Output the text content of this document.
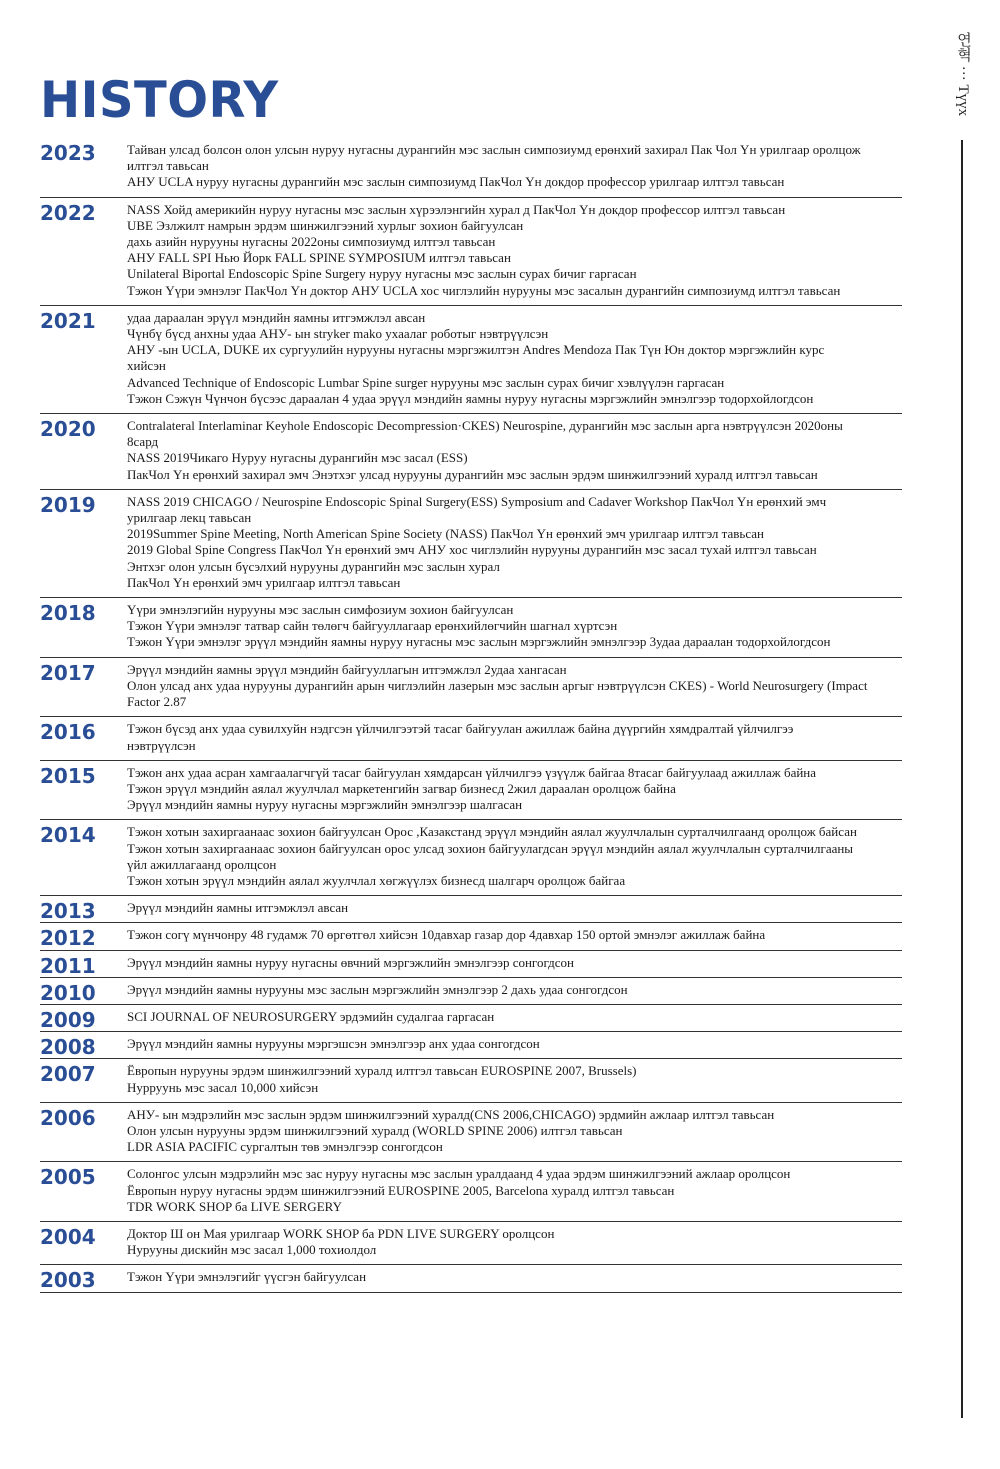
HISTORY	연혁 ··· Түүх
2023 Тайван улсад болсон олон улсын нуруу нугасны дурангийн мэс заслын симпозиумд ерөнхий захирал Пак Чол Үн урилгаар оролцож
илтгэл тавьсан
АНУ UCLA нуруу нугасны дурангийн мэс заслын симпозиумд ПакЧол Үн докдор профессор урилгаар илтгэл тавьсан
2022 NASS Хойд америкийн нуруу нугасны мэс заслын хүрээлэнгийн хурал д ПакЧол Үн докдор профессор илтгэл тавьсан
UBE Эзлжилт намрын эрдэм шинжилгээний хурлыг зохион байгуулсан
дахь азийн нурууны нугасны 2022оны симпозиумд илтгэл тавьсан
АНУ FALL SPI Нью Йорк FALL SPINE SYMPOSIUM илтгэл тавьсан
Unilateral Biportal Endoscopic Spine Surgery нуруу нугасны мэс заслын сурах бичиг гаргасан
Тэжон Үүри эмнэлэг ПакЧол Үн доктор АНУ UCLA хос чиглэлийн нурууны мэс засалын дурангийн симпозиумд илтгэл тавьсан
2021 удаа дараалан эрүүл мэндийн яамны итгэмжлэл авсан
Чүнбү бүсд анхны удаа АНУ- ын stryker mako ухаалаг роботыг нэвтрүүлсэн
АНУ -ын UCLA, DUKE их сургуулийн нурууны нугасны мэргэжилтэн Andres Mendoza Пак Түн Юн доктор мэргэжлийн курс
хийсэн
Advanced Technique of Endoscopic Lumbar Spine surger нурууны мэс заслын сурах бичиг хэвлүүлэн гаргасан
Тэжон Сэжүн Чүнчон бүсээс дараалан 4 удаа эрүүл мэндийн яамны нуруу нугасны мэргэжлийн эмнэлгээр тодорхойлогдсон
2020 Contralateral Interlaminar Keyhole Endoscopic Decompression·CKES) Neurospine, дурангийн мэс заслын арга нэвтрүүлсэн 2020оны
8сард
NASS 2019Чикаго Нуруу нугасны дурангийн мэс засал (ESS)
ПакЧол Үн ерөнхий захирал эмч Энэтхэг улсад нурууны дурангийн мэс заслын эрдэм шинжилгээний хуралд илтгэл тавьсан
2019 NASS 2019 CHICAGO / Neurospine Endoscopic Spinal Surgery(ESS) Symposium and Cadaver Workshop ПакЧол Үн ерөнхий эмч
урилгаар лекц тавьсан
2019Summer Spine Meeting, North American Spine Society (NASS) ПакЧол Үн ерөнхий эмч урилгаар илтгэл тавьсан
2019 Global Spine Congress ПакЧол Үн ерөнхий эмч АНУ хос чиглэлийн нурууны дурангийн мэс засал тухай илтгэл тавьсан
Энтхэг олон улсын бүсэлхий нурууны дурангийн мэс заслын хурал
ПакЧол Үн ерөнхий эмч урилгаар илтгэл тавьсан
2018 Үүри эмнэлэгийн нурууны мэс заслын симфозиум зохион байгуулсан
Тэжон Үүри эмнэлэг татвар сайн төлөгч байгууллагаар ерөнхийлөгчийн шагнал хүртсэн
Тэжон Үүри эмнэлэг эрүүл мэндийн яамны нуруу нугасны мэс заслын мэргэжлийн эмнэлгээр 3удаа дараалан тодорхойлогдсон
2017 Эрүүл мэндийн яамны эрүүл мэндийн байгууллагын итгэмжлэл 2удаа хангасан
Олон улсад анх удаа нурууны дурангийн арын чиглэлийн лазерын мэс заслын аргыг нэвтрүүлсэн CKES) - World Neurosurgery (Impact
Factor 2.87
2016 Тэжон бүсэд анх удаа сувилхуйн нэдгсэн үйлчилгээтэй тасаг байгуулан ажиллаж байна дүүргийн хямдралтай үйлчилгээ
нэвтрүүлсэн
2015 Тэжон анх удаа асран хамгаалагчгүй тасаг байгуулан хямдарсан үйлчилгээ үзүүлж байгаа 8тасаг байгуулаад ажиллаж байна
Тэжон эрүүл мэндийн аялал жуулчлал маркетенгийн загвар бизнесд 2жил дараалан оролцож байна
Эрүүл мэндийн яамны нуруу нугасны мэргэжлийн эмнэлгээр шалгасан
2014 Тэжон хотын захиргаанаас зохион байгуулсан Орос ,Казакстанд эрүүл мэндийн аялал жуулчлалын сурталчилгаанд оролцож байсан
Тэжон хотын захиргаанаас зохион байгуулсан орос улсад зохион байгуулагдсан эрүүл мэндийн аялал жуулчлалын сурталчилгааны
үйл ажиллагаанд оролцсон
Тэжон хотын эрүүл мэндийн аялал жуулчлал хөгжүүлэх бизнесд шалгарч оролцож байгаа
2013 Эрүүл мэндийн яамны итгэмжлэл авсан
2012 Тэжон согү мүнчонру 48 гудамж 70 өргөтгөл хийсэн 10давхар газар дор 4давхар 150 ортой эмнэлэг ажиллаж байна
2011 Эрүүл мэндийн яамны нуруу нугасны өвчний мэргэжлийн эмнэлгээр сонгогдсон
2010 Эрүүл мэндийн яамны нурууны мэс заслын мэргэжлийн эмнэлгээр 2 дахь удаа сонгогдсон
2009 SCI JOURNAL OF NEUROSURGERY эрдэмийн судалгаа гаргасан
2008 Эрүүл мэндийн яамны нурууны мэргэшсэн эмнэлгээр анх удаа сонгогдсон
2007 Ёвропын нурууны эрдэм шинжилгээний хуралд илтгэл тавьсан EUROSPINE 2007, Brussels)
Нурруунь мэс засал 10,000 хийсэн
2006 АНУ- ын мэдрэлийн мэс заслын эрдэм шинжилгээний хуралд(CNS 2006,CHICAGO) эрдмийн ажлаар илтгэл тавьсан
Олон улсын нурууны эрдэм шинжилгээний хуралд (WORLD SPINE 2006) илтгэл тавьсан
LDR ASIA PACIFIC сургалтын төв эмнэлгээр сонгогдсон
2005 Солонгос улсын мэдрэлийн мэс зас нуруу нугасны мэс заслын уралдаанд 4 удаа эрдэм шинжилгээний ажлаар оролцсон
Ёвропын нуруу нугасны эрдэм шинжилгээний EUROSPINE 2005, Barcelona хуралд илтгэл тавьсан
TDR WORK SHOP ба LIVE SERGERY
2004 Доктор Ш он Мая урилгаар WORK SHOP ба PDN LIVE SURGERY оролцсон
Нурууны дискийн мэс засал 1,000 тохиолдол
2003 Тэжон Үүри эмнэлэгийг үүсгэн байгуулсан
